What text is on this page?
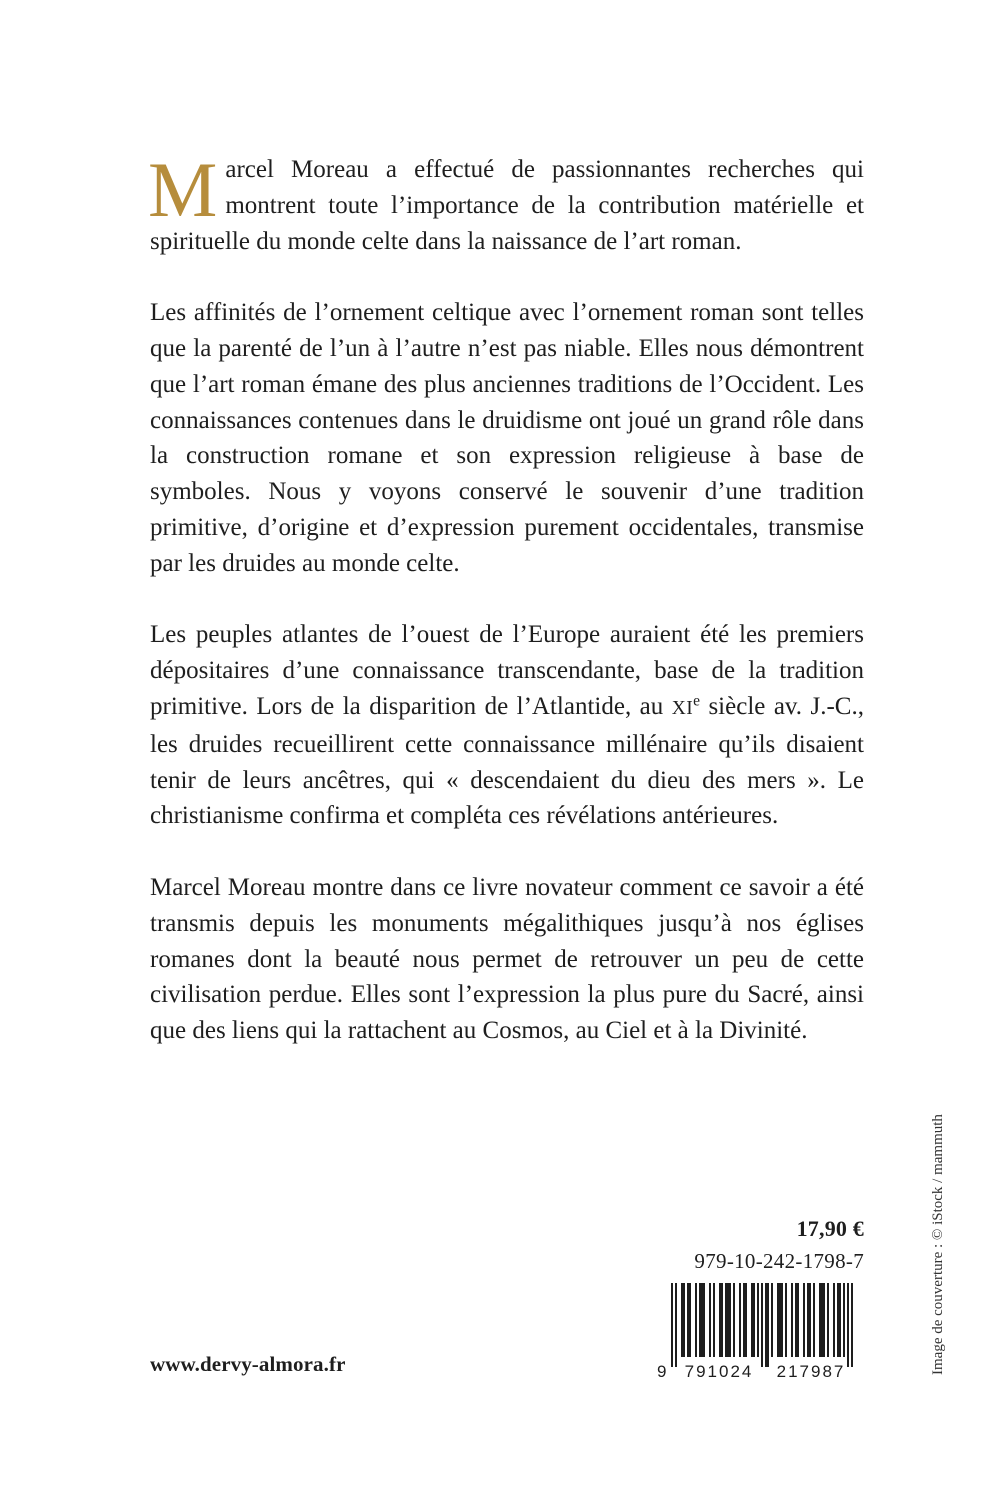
Marcel Moreau a effectué de passionnantes recherches qui montrent toute l’importance de la contribution matérielle et spirituelle du monde celte dans la naissance de l’art roman.

Les affinités de l’ornement celtique avec l’ornement roman sont telles que la parenté de l’un à l’autre n’est pas niable. Elles nous démontrent que l’art roman émane des plus anciennes traditions de l’Occident. Les connaissances contenues dans le druidisme ont joué un grand rôle dans la construction romane et son expression religieuse à base de symboles. Nous y voyons conservé le souvenir d’une tradition primitive, d’origine et d’expression purement occidentales, transmise par les druides au monde celte.

Les peuples atlantes de l’ouest de l’Europe auraient été les premiers dépositaires d’une connaissance transcendante, base de la tradition primitive. Lors de la disparition de l’Atlantide, au XIe siècle av. J.-C., les druides recueillirent cette connaissance millénaire qu’ils disaient tenir de leurs ancêtres, qui « descendaient du dieu des mers ». Le christianisme confirma et compléta ces révélations antérieures.

Marcel Moreau montre dans ce livre novateur comment ce savoir a été transmis depuis les monuments mégalithiques jusqu’à nos églises romanes dont la beauté nous permet de retrouver un peu de cette civilisation perdue. Elles sont l’expression la plus pure du Sacré, ainsi que des liens qui la rattachent au Cosmos, au Ciel et à la Divinité.

17,90 €
979-10-242-1798-7
9 791024 217987
www.dervy-almora.fr	Image de couverture : © iStock / mammuth
